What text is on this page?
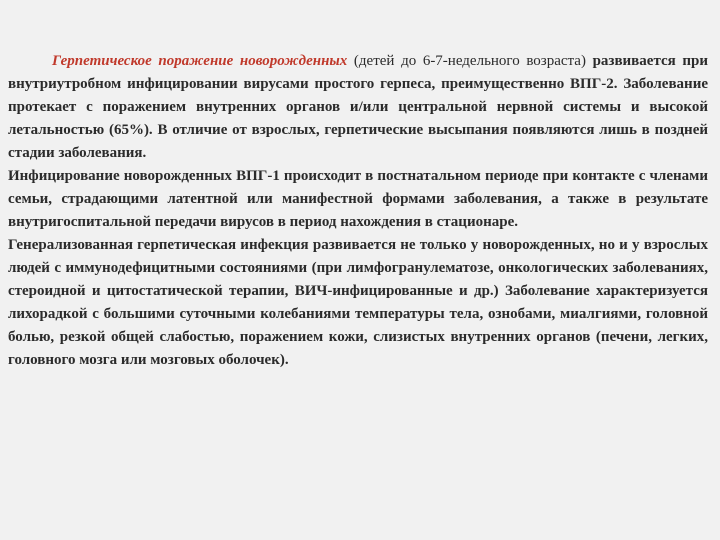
Герпетическое поражение новорожденных (детей до 6-7-недельного возраста) развивается при внутриутробном инфицировании вирусами простого герпеса, преимущественно ВПГ-2. Заболевание протекает с поражением внутренних органов и/или центральной нервной системы и высокой летальностью (65%). В отличие от взрослых, герпетические высыпания появляются лишь в поздней стадии заболевания.

Инфицирование новорожденных ВПГ-1 происходит в постнатальном периоде при контакте с членами семьи, страдающими латентной или манифестной формами заболевания, а также в результате внутригоспитальной передачи вирусов в период нахождения в стационаре.

Генерализованная герпетическая инфекция развивается не только у новорожденных, но и у взрослых людей с иммунодефицитными состояниями (при лимфогранулематозе, онкологических заболеваниях, стероидной и цитостатической терапии, ВИЧ-инфицированные и др.) Заболевание характеризуется лихорадкой с большими суточными колебаниями температуры тела, ознобами, миалгиями, головной болью, резкой общей слабостью, поражением кожи, слизистых внутренних органов (печени, легких, головного мозга или мозговых оболочек).
